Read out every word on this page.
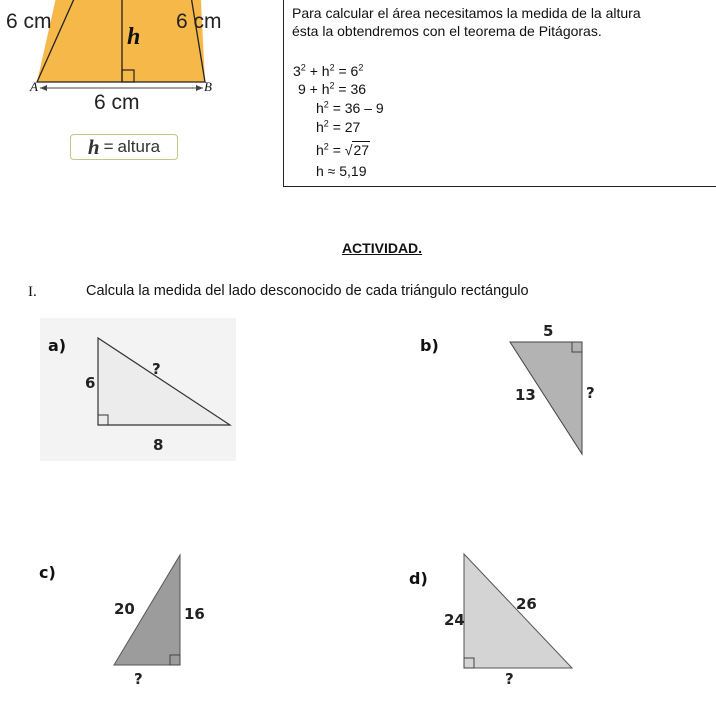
6 cm	6 cm
h
A	B
6 cm
h = altura
Para calcular el área necesitamos la medida de la altura
ésta la obtendremos con el teorema de Pitágoras.
$3^2 + h^2 = 6^2$
$9 + h^2 = 36$
$h^2 = 36 - 9$
$h^2 = 27$
$h^2 = √27$
h ≈ 5,19
ACTIVIDAD.
I.	Calcula la medida del lado desconocido de cada triángulo rectángulo
a)
6
?
8
b)
5
13	?
c)
20	16
?
d)
24
26
?
